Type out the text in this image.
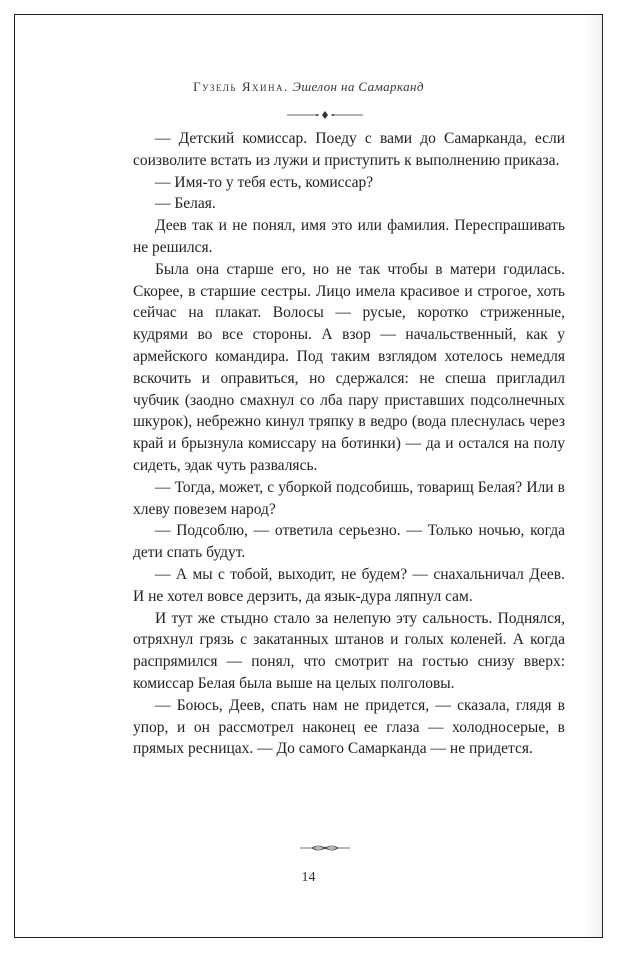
Гузель Яхина. Эшелон на Самарканд

— Детский комиссар. Поеду с вами до Самарканда, если соизволите встать из лужи и приступить к выполнению приказа.

— Имя-то у тебя есть, комиссар?

— Белая.

Деев так и не понял, имя это или фамилия. Переспрашивать не решился.

Была она старше его, но не так чтобы в матери годилась. Скорее, в старшие сестры. Лицо имела красивое и строгое, хоть сейчас на плакат. Волосы — русые, коротко стриженные, кудрями во все стороны. А взор — начальственный, как у армейского командира. Под таким взглядом хотелось немедля вскочить и оправиться, но сдержался: не спеша пригладил чубчик (заодно смахнул со лба пару приставших подсолнечных шкурок), небрежно кинул тряпку в ведро (вода плеснулась через край и брызнула комиссару на ботинки) — да и остался на полу сидеть, эдак чуть развалясь.

— Тогда, может, с уборкой подсобишь, товарищ Белая? Или в хлеву повезем народ?

— Подсоблю, — ответила серьезно. — Только ночью, когда дети спать будут.

— А мы с тобой, выходит, не будем? — снахальничал Деев. И не хотел вовсе дерзить, да язык-дура ляпнул сам.

И тут же стыдно стало за нелепую эту сальность. Поднялся, отряхнул грязь с закатанных штанов и голых коленей. А когда распрямился — понял, что смотрит на гостью снизу вверх: комиссар Белая была выше на целых полголовы.

— Боюсь, Деев, спать нам не придется, — сказала, глядя в упор, и он рассмотрел наконец ее глаза — холодносерые, в прямых ресницах. — До самого Самарканда — не придется.

14
